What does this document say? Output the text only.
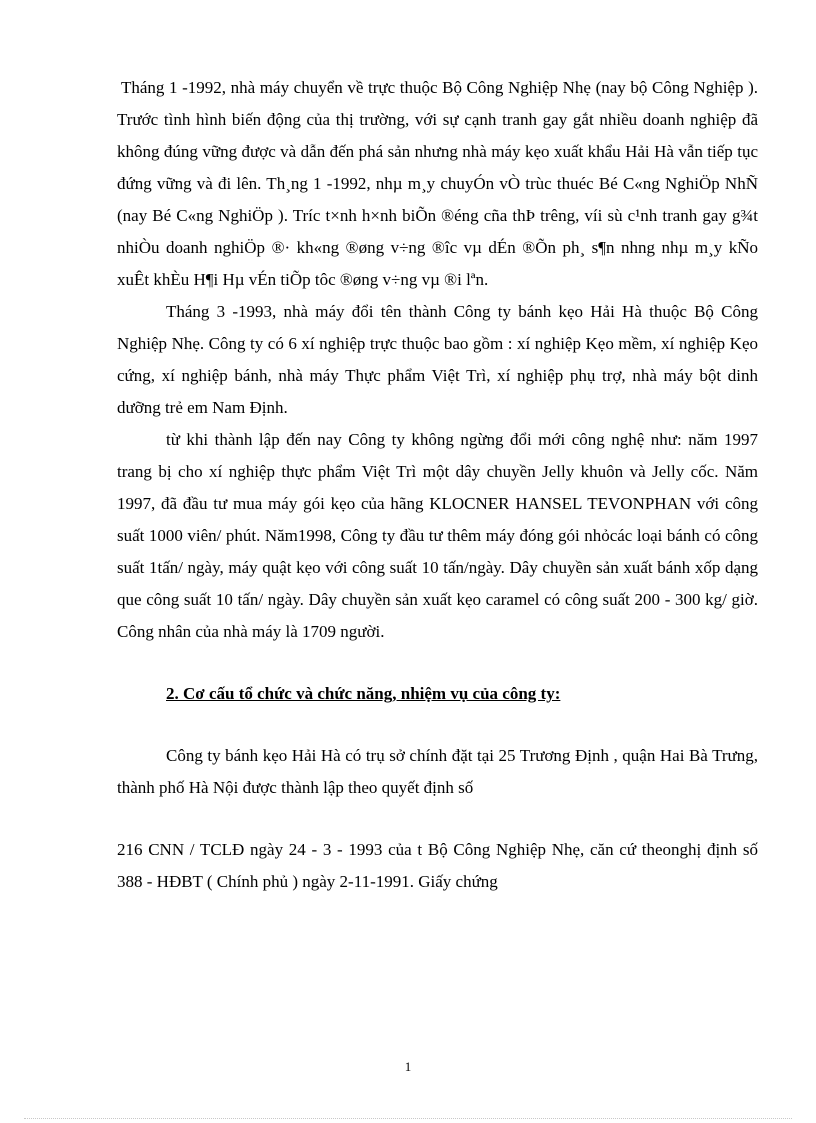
Tháng 1 -1992, nhà máy chuyển về trực thuộc Bộ Công Nghiệp Nhẹ (nay bộ Công Nghiệp ). Trước tình hình biến động của thị trường, với sự cạnh tranh gay gắt nhiều doanh nghiệp đã không đúng vững được và dẫn đến phá sản nhưng nhà máy kẹo xuất khẩu Hải Hà vẫn tiếp tục đứng vững và đi lên. Th¸ng 1 -1992, nhµ m¸y chuyÓn vÒ trùc thuéc Bé C«ng NghiÖp NhÑ (nay Bé C«ng NghiÖp ). Tríc t×nh h×nh biÕn ®éng cña thÞ trêng, víi sù c¹nh tranh gay g¾t nhiÒu doanh nghiÖp ®· kh«ng ®øng v÷ng ®îc vµ dÉn ®Õn ph¸ s¶n nhng nhµ m¸y kÑo xuÊt khÈu H¶i Hµ vÉn tiÕp tôc ®øng v÷ng vµ ®i lªn.

Tháng 3 -1993, nhà máy đổi tên thành Công ty bánh kẹo Hải Hà thuộc Bộ Công Nghiệp Nhẹ. Công ty có 6 xí nghiệp trực thuộc bao gồm : xí nghiệp Kẹo mềm, xí nghiệp Kẹo cứng, xí nghiệp bánh, nhà máy Thực phẩm Việt Trì, xí nghiệp phụ trợ, nhà máy bột dinh dưỡng trẻ em Nam Định.

từ khi thành lập đến nay Công ty không ngừng đổi mới công nghệ như: năm 1997 trang bị cho xí nghiệp thực phẩm Việt Trì một dây chuyền Jelly khuôn và Jelly cốc. Năm 1997, đã đầu tư mua máy gói kẹo của hãng KLOCNER HANSEL TEVONPHAN với công suất 1000 viên/ phút. Năm1998, Công ty đầu tư thêm máy đóng gói nhỏcác loại bánh có công suất 1tấn/ ngày, máy quật kẹo với công suất 10 tấn/ngày. Dây chuyền sản xuất bánh xốp dạng que công suất 10 tấn/ ngày. Dây chuyền sản xuất kẹo caramel có công suất 200 - 300 kg/ giờ. Công nhân của nhà máy là 1709 người.

2. Cơ cấu tổ chức và chức năng, nhiệm vụ của công ty:

Công ty bánh kẹo Hải Hà có trụ sở chính đặt tại 25 Trương Định , quận Hai Bà Trưng, thành phố Hà Nội được thành lập theo quyết định số

216 CNN / TCLĐ ngày 24 - 3 - 1993 của t Bộ Công Nghiệp Nhẹ, căn cứ theonghị định số 388 - HĐBT ( Chính phủ ) ngày 2-11-1991. Giấy chứng

1
